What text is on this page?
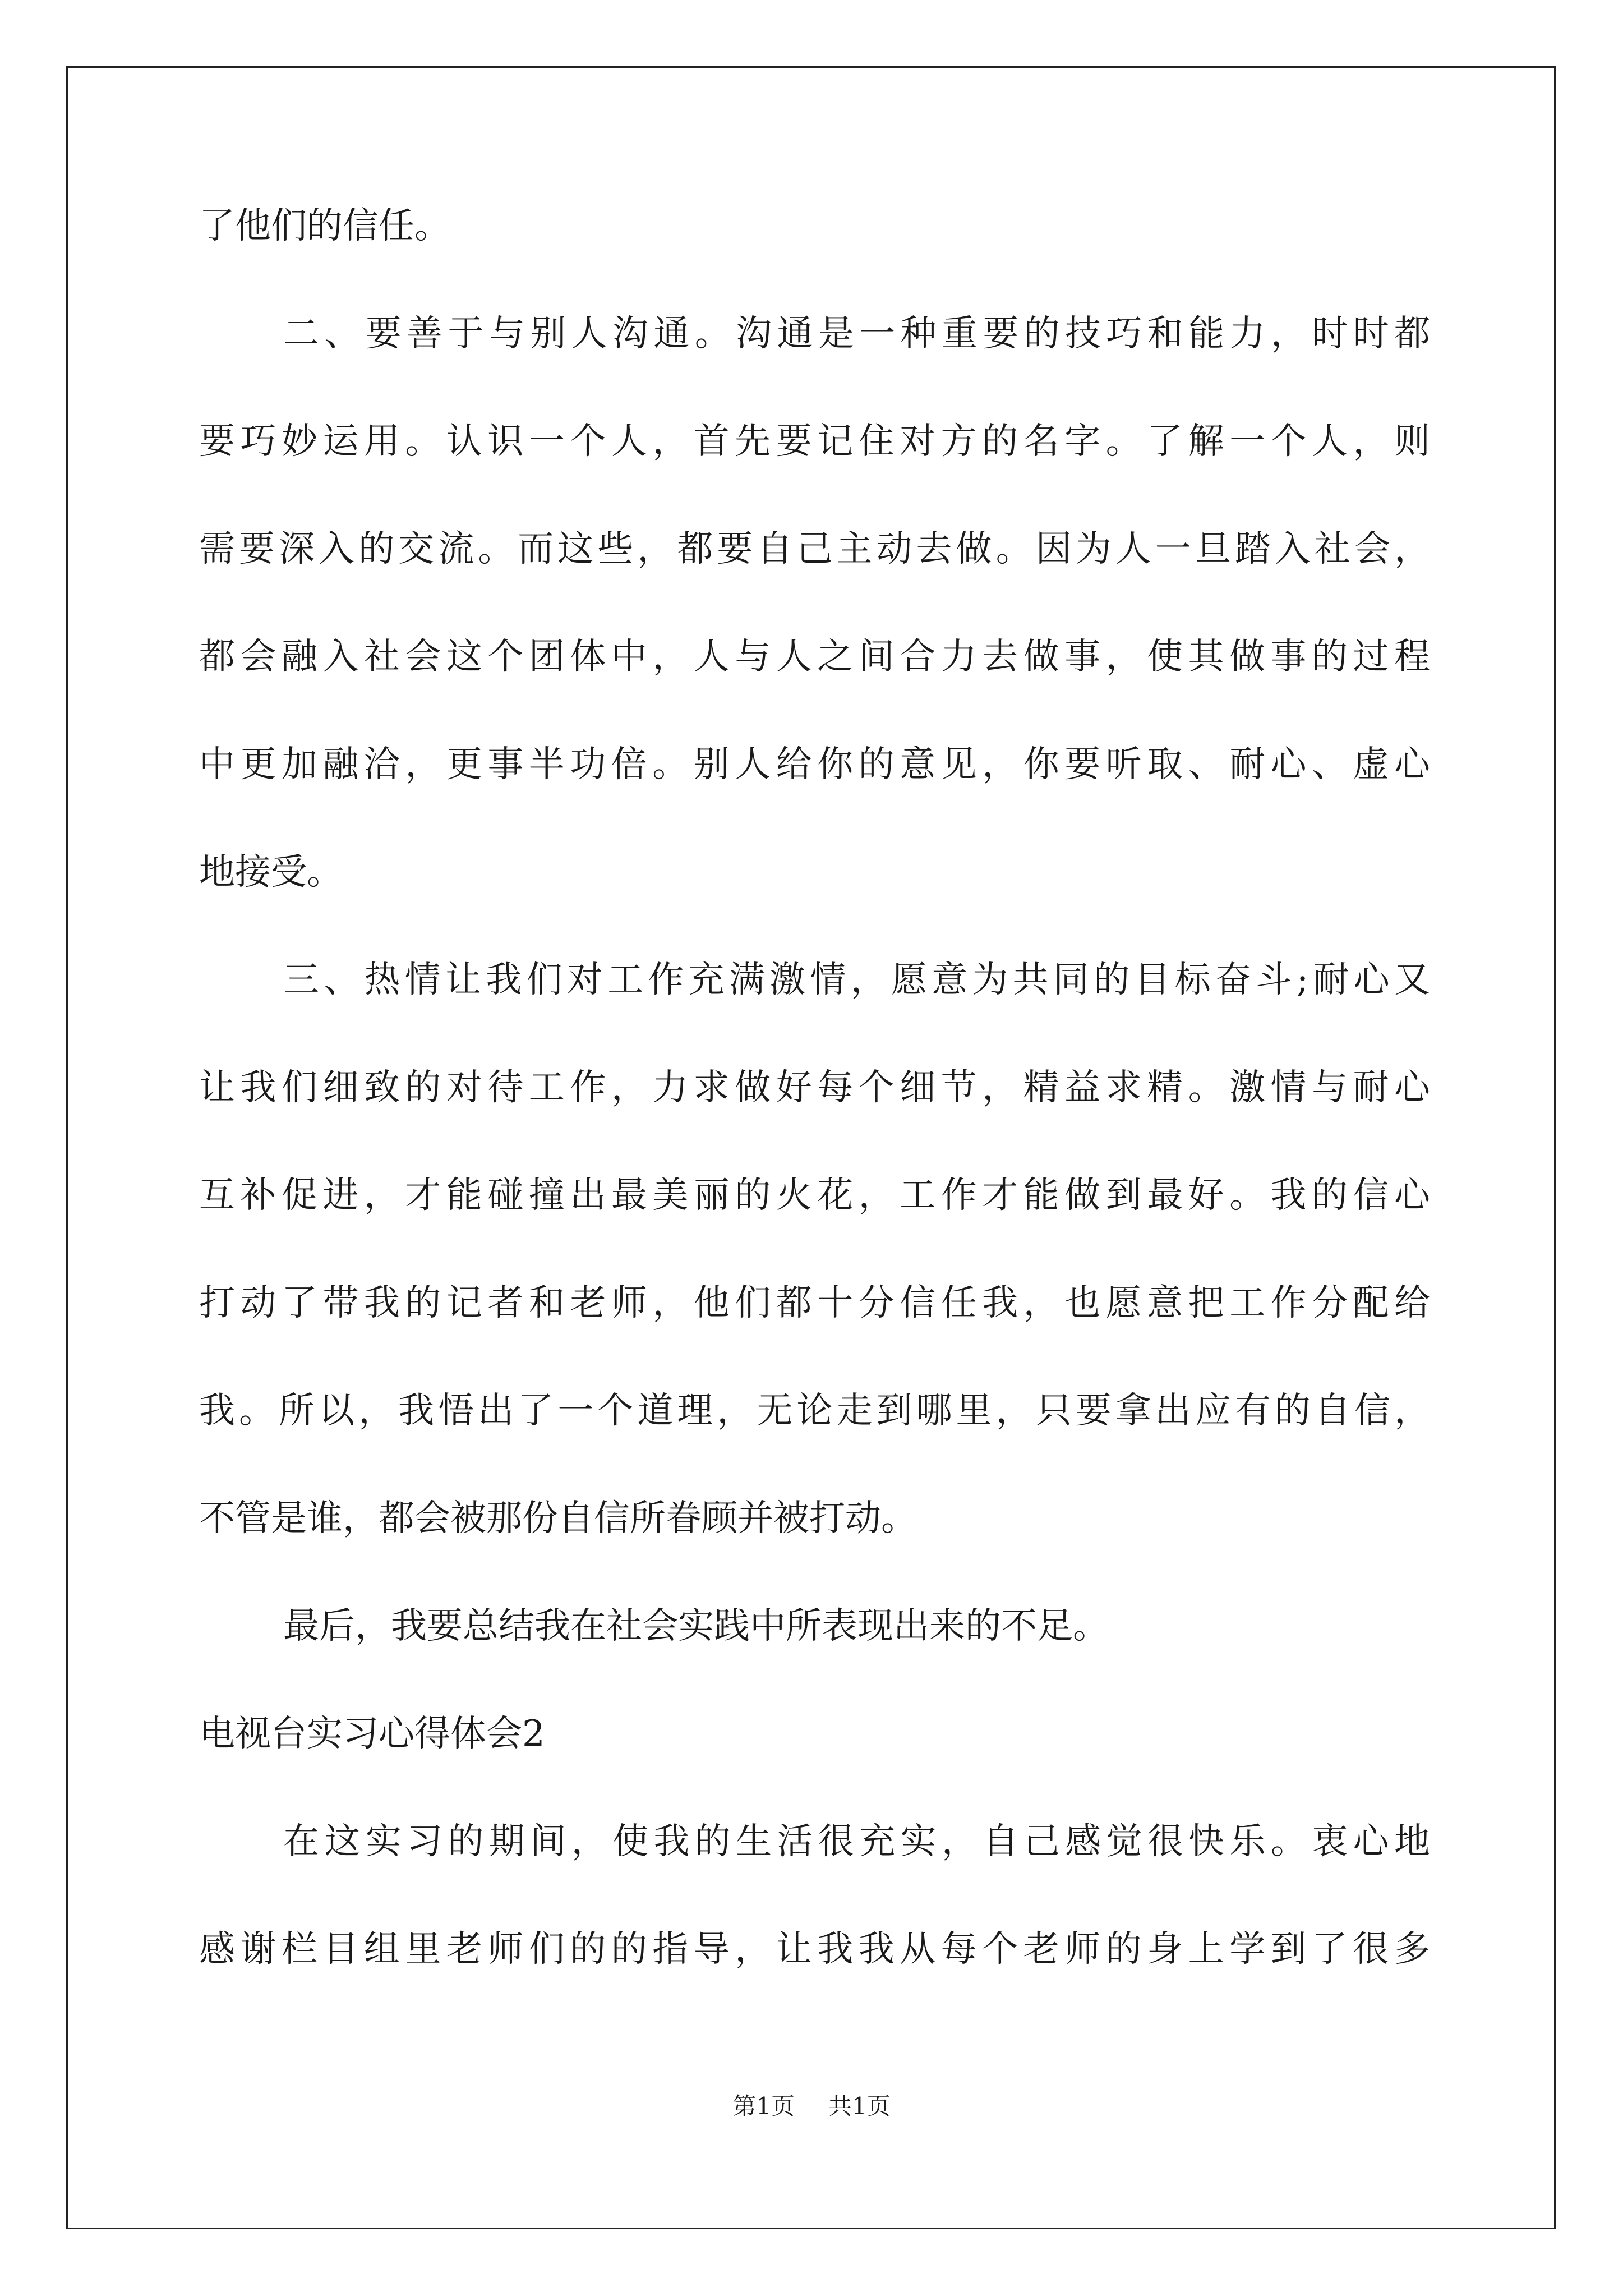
了他们的信任。
二、要善于与别人沟通。沟通是一种重要的技巧和能力，时时都
要巧妙运用。认识一个人，首先要记住对方的名字。了解一个人，则
需要深入的交流。而这些，都要自己主动去做。因为人一旦踏入社会，
都会融入社会这个团体中，人与人之间合力去做事，使其做事的过程
中更加融洽，更事半功倍。别人给你的意见，你要听取、耐心、虚心
地接受。
三、热情让我们对工作充满激情，愿意为共同的目标奋斗;耐心又
让我们细致的对待工作，力求做好每个细节，精益求精。激情与耐心
互补促进，才能碰撞出最美丽的火花，工作才能做到最好。我的信心
打动了带我的记者和老师，他们都十分信任我，也愿意把工作分配给
我。所以，我悟出了一个道理，无论走到哪里，只要拿出应有的自信，
不管是谁，都会被那份自信所眷顾并被打动。
最后，我要总结我在社会实践中所表现出来的不足。
电视台实习心得体会2
在这实习的期间，使我的生活很充实，自己感觉很快乐。衷心地
感谢栏目组里老师们的的指导，让我我从每个老师的身上学到了很多
第1页 共1页
